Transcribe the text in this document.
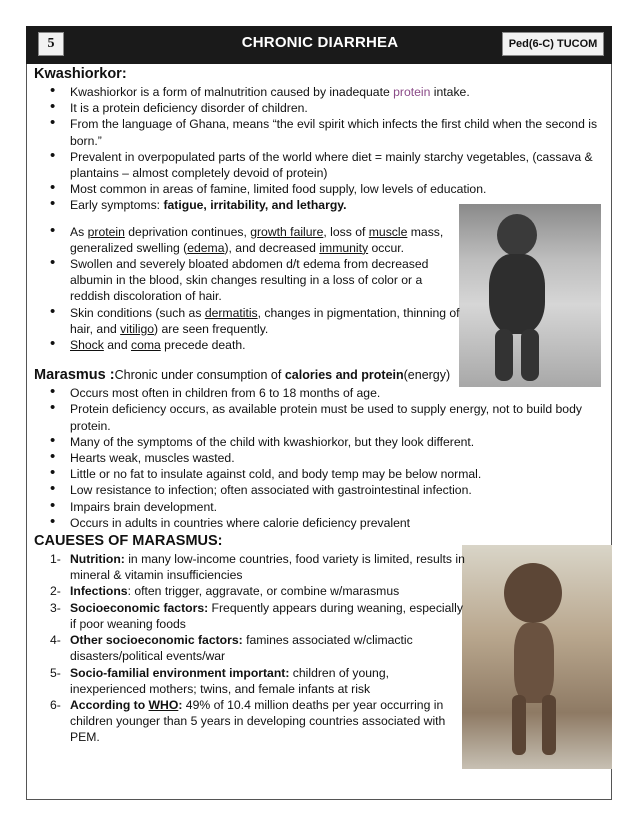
5	CHRONIC DIARRHEA	Ped(6-C) TUCOM
Kwashiorkor:
• Kwashiorkor is a form of malnutrition caused by inadequate protein intake.
• It is a protein deficiency disorder of children.
• From the language of Ghana, means “the evil spirit which infects the first child when the second is born.”
• Prevalent in overpopulated parts of the world where diet = mainly starchy vegetables, (cassava & plantains – almost completely devoid of protein)
• Most common in areas of famine, limited food supply, low levels of education.
• Early symptoms: fatigue, irritability, and lethargy.
• As protein deprivation continues, growth failure, loss of muscle mass, generalized swelling (edema), and decreased immunity occur.
• Swollen and severely bloated abdomen d/t edema from decreased albumin in the blood, skin changes resulting in a loss of color or a reddish discoloration of hair.
• Skin conditions (such as dermatitis, changes in pigmentation, thinning of hair, and vitiligo) are seen frequently.
• Shock and coma precede death.
Marasmus :Chronic under consumption of calories and protein(energy)
• Occurs most often in children from 6 to 18 months of age.
• Protein deficiency occurs, as available protein must be used to supply energy, not to build body protein.
• Many of the symptoms of the child with kwashiorkor, but they look different.
• Hearts weak, muscles wasted.
• Little or no fat to insulate against cold, and body temp may be below normal.
• Low resistance to infection; often associated with gastrointestinal infection.
• Impairs brain development.
• Occurs in adults in countries where calorie deficiency prevalent
CAUESES OF MARASMUS:
1- Nutrition: in many low-income countries, food variety is limited, results in mineral & vitamin insufficiencies
2- Infections: often trigger, aggravate, or combine w/marasmus
3- Socioeconomic factors: Frequently appears during weaning, especially if poor weaning foods
4- Other socioeconomic factors: famines associated w/climactic disasters/political events/war
5- Socio-familial environment important: children of young, inexperienced mothers; twins, and female infants at risk
6- According to WHO: 49% of 10.4 million deaths per year occurring in children younger than 5 years in developing countries associated with PEM.
